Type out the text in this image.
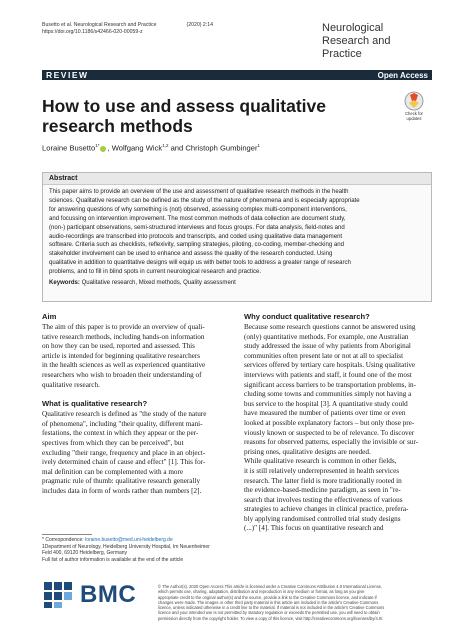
Busetto et al. Neurological Research and Practice	(2020) 2:14
https://doi.org/10.1186/s42466-020-00059-z	Neurological Research and Practice
REVIEW	Open Access
How to use and assess qualitative research methods
Check for updates
Loraine Busetto$^{1*}$ , Wolfgang Wick$^{1,2}$ and Christoph Gumbinger$^1$
Abstract

This paper aims to provide an overview of the use and assessment of qualitative research methods in the health

sciences. Qualitative research can be defined as the study of the nature of phenomena and is especially appropriate

for answering questions of why something is (not) observed, assessing complex multi-component interventions,

and focussing on intervention improvement. The most common methods of data collection are document study,

(non-) participant observations, semi-structured interviews and focus groups. For data analysis, field-notes and

audio-recordings are transcribed into protocols and transcripts, and coded using qualitative data management

software. Criteria such as checklists, reflexivity, sampling strategies, piloting, co-coding, member-checking and

stakeholder involvement can be used to enhance and assess the quality of the research conducted. Using

qualitative in addition to quantitative designs will equip us with better tools to address a greater range of research

problems, and to fill in blind spots in current neurological research and practice.

Keywords: Qualitative research, Mixed methods, Quality assessment
Aim
The aim of this paper is to provide an overview of quali-
tative research methods, including hands-on information
on how they can be used, reported and assessed. This
article is intended for beginning qualitative researchers
in the health sciences as well as experienced quantitative
researchers who wish to broaden their understanding of
qualitative research.
What is qualitative research?
Qualitative research is defined as "the study of the nature
of phenomena", including "their quality, different mani-
festations, the context in which they appear or the per-
spectives from which they can be perceived", but
excluding "their range, frequency and place in an object-
ively determined chain of cause and effect" [1]. This for-
mal definition can be complemented with a more
pragmatic rule of thumb: qualitative research generally
includes data in form of words rather than numbers [2].
* Correspondence: loraine.busetto@med.uni-heidelberg.de
1Department of Neurology, Heidelberg University Hospital, Im Neuenheimer
Feld 400, 69120 Heidelberg, Germany
Full list of author information is available at the end of the article
Why conduct qualitative research?
Because some research questions cannot be answered using
(only) quantitative methods. For example, one Australian
study addressed the issue of why patients from Aboriginal
communities often present late or not at all to specialist
services offered by tertiary care hospitals. Using qualitative
interviews with patients and staff, it found one of the most
significant access barriers to be transportation problems, in-
cluding some towns and communities simply not having a
bus service to the hospital [3]. A quantitative study could
have measured the number of patients over time or even
looked at possible explanatory factors – but only those pre-
viously known or suspected to be of relevance. To discover
reasons for observed patterns, especially the invisible or sur-
prising ones, qualitative designs are needed.
While qualitative research is common in other fields,
it is still relatively underrepresented in health services
research. The latter field is more traditionally rooted in
the evidence-based-medicine paradigm, as seen in "re-
search that involves testing the effectiveness of various
strategies to achieve changes in clinical practice, prefera-
bly applying randomised controlled trial study designs
(...)" [4]. This focus on quantitative research and
BMC	© The Author(s). 2020 Open Access This article is licensed under a Creative Commons Attribution 4.0 International License,

which permits use, sharing, adaptation, distribution and reproduction in any medium or format, as long as you give

appropriate credit to the original author(s) and the source, provide a link to the Creative Commons licence, and indicate if

changes were made. The images or other third party material in this article are included in the article's Creative Commons

licence, unless indicated otherwise in a credit line to the material. If material is not included in the article's Creative Commons

licence and your intended use is not permitted by statutory regulation or exceeds the permitted use, you will need to obtain

permission directly from the copyright holder. To view a copy of this licence, visit http://creativecommons.org/licenses/by/4.0/.
